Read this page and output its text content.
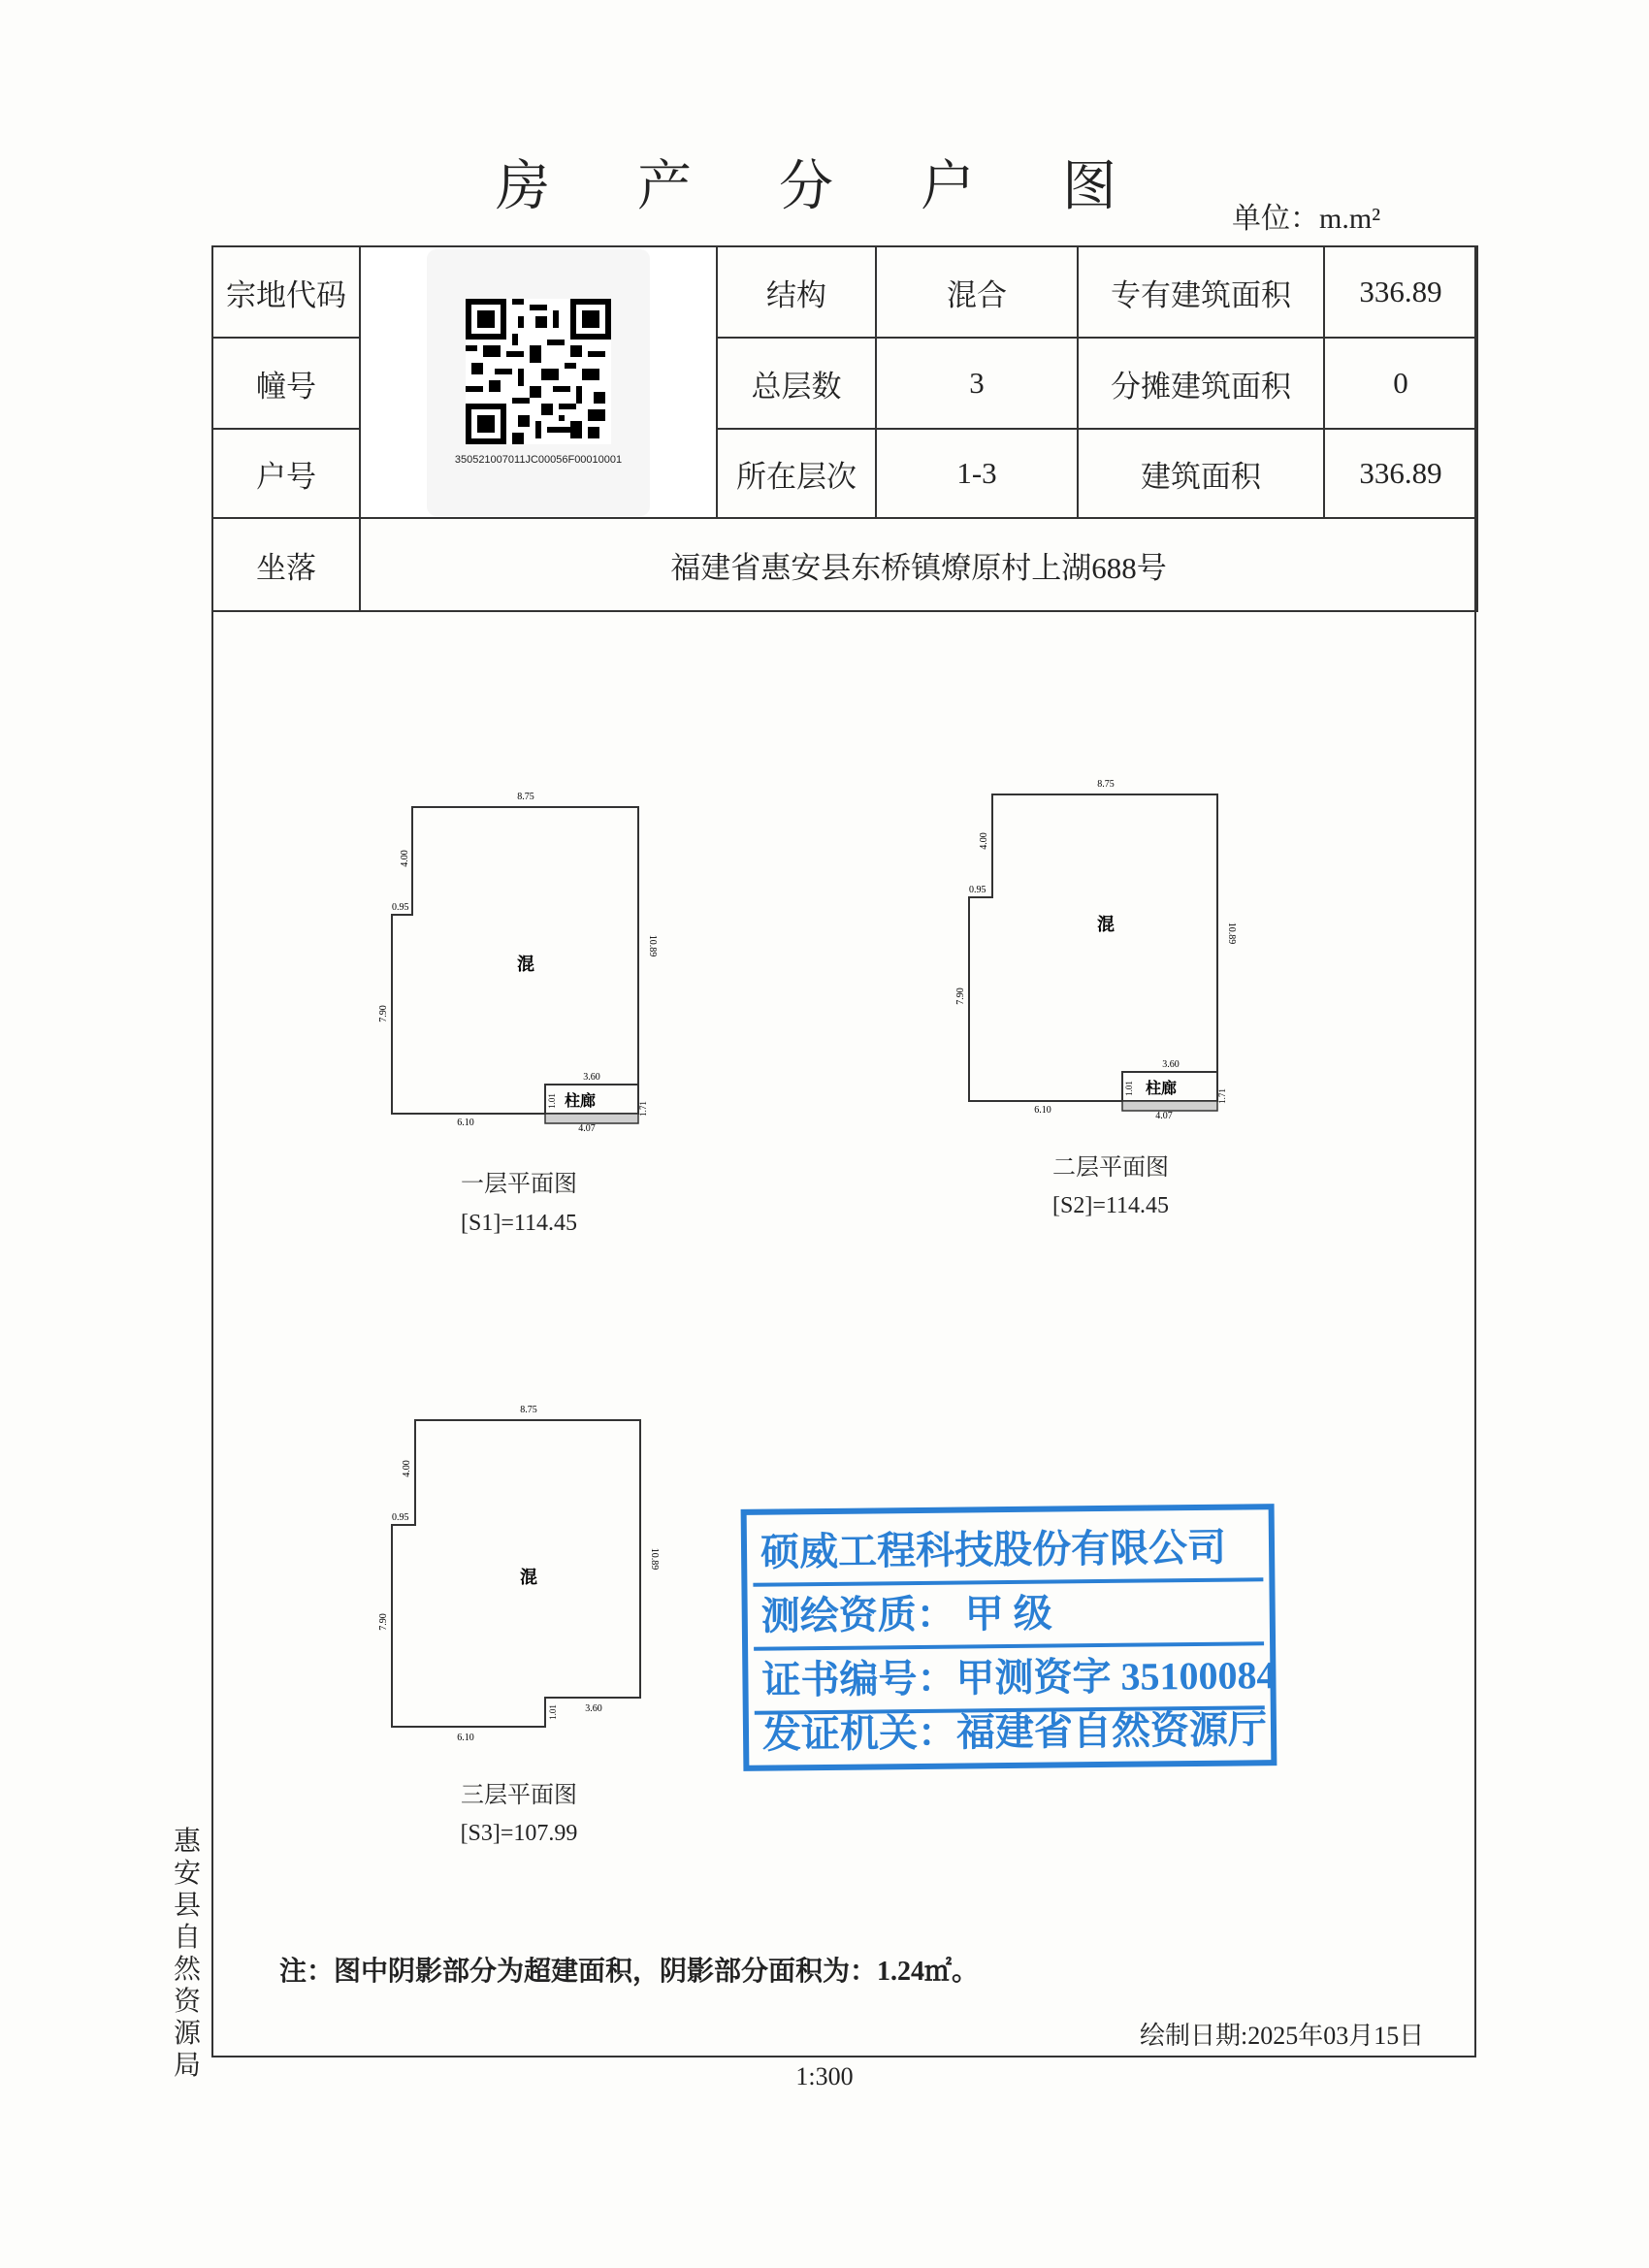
房 产 分 户 图
单位：m.m²
宗地代码	350521007011JC00056F00010001	结构	混合	专有建筑面积	336.89
幢号		总层数	3	分摊建筑面积	0
户号		所在层次	1-3	建筑面积	336.89
坐落	福建省惠安县东桥镇燎原村上湖688号				
8.75
4.00
0.95
7.90
10.89
6.10
3.60
1.01
4.07
1.71
混
柱廊
一层平面图
[S1]=114.45
8.75
4.00
0.95
7.90
10.89
6.10
3.60
1.01
4.07
1.71
混
柱廊
二层平面图
[S2]=114.45
8.75
4.00
0.95
7.90
10.89
6.10
3.60
1.01
混
三层平面图
[S3]=107.99
硕威工程科技股份有限公司
测绘资质： 甲 级
证书编号：甲测资字 35100084
发证机关：福建省自然资源厅
惠安县自然资源局
注：图中阴影部分为超建面积，阴影部分面积为：1.24㎡。
绘制日期:2025年03月15日
1:300
